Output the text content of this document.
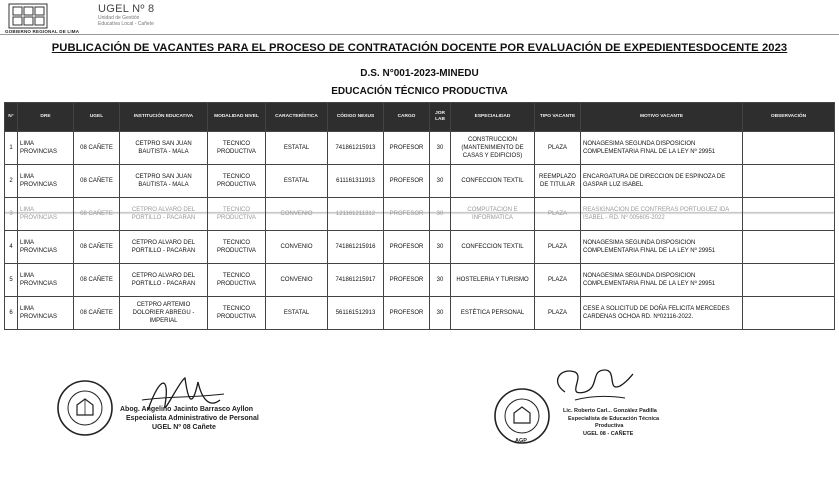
GOBIERNO REGIONAL DE LIMA
UGEL Nº 8
Unidad de Gestión
Educativa Local - Cañete
PUBLICACIÓN DE VACANTES PARA EL PROCESO DE CONTRATACIÓN DOCENTE POR EVALUACIÓN DE EXPEDIENTESDOCENTE 2023
D.S. N°001-2023-MINEDU
EDUCACIÓN TÉCNICO PRODUCTIVA
N°	DRE	UGEL	INSTITUCIÓN EDUCATIVA	MODALIDAD NIVEL	CARACTERÍSTICA	CÓDIGO NEXUS	CARGO	JOR LAB	ESPECIALIDAD	TIPO VACANTE	MOTIVO VACANTE	OBSERVACIÓN
1	LIMA PROVINCIAS	08 CAÑETE	CETPRO SAN JUAN BAUTISTA - MALA	TECNICO PRODUCTIVA	ESTATAL	741861215913	PROFESOR	30	CONSTRUCCION (MANTENIMIENTO DE CASAS Y EDIFICIOS)	PLAZA	NONAGESIMA SEGUNDA DISPOSICION COMPLEMENTARIA FINAL DE LA LEY Nº 29951	
2	LIMA PROVINCIAS	08 CAÑETE	CETPRO SAN JUAN BAUTISTA - MALA	TECNICO PRODUCTIVA	ESTATAL	611161311913	PROFESOR	30	CONFECCION TEXTIL	REEMPLAZO DE TITULAR	ENCARGATURA DE DIRECCION DE ESPINOZA DE GASPAR LUZ ISABEL	
3	LIMA PROVINCIAS	08 CAÑETE	CETPRO ALVARO DEL PORTILLO - PACARAN	TECNICO PRODUCTIVA	CONVENIO	121161211312	PROFESOR	30	COMPUTACION E INFORMATICA	PLAZA	REASIGNACION DE CONTRERAS PORTUGUEZ IDA ISABEL - RD. Nº 005605-2022	
4	LIMA PROVINCIAS	08 CAÑETE	CETPRO ALVARO DEL PORTILLO - PACARAN	TECNICO PRODUCTIVA	CONVENIO	741861215916	PROFESOR	30	CONFECCION TEXTIL	PLAZA	NONAGESIMA SEGUNDA DISPOSICION COMPLEMENTARIA FINAL DE LA LEY Nº 29951	
5	LIMA PROVINCIAS	08 CAÑETE	CETPRO ALVARO DEL PORTILLO - PACARAN	TECNICO PRODUCTIVA	CONVENIO	741861215917	PROFESOR	30	HOSTELERIA Y TURISMO	PLAZA	NONAGESIMA SEGUNDA DISPOSICION COMPLEMENTARIA FINAL DE LA LEY Nº 29951	
6	LIMA PROVINCIAS	08 CAÑETE	CETPRO ARTEMIO DOLORIER ABREGU - IMPERIAL	TECNICO PRODUCTIVA	ESTATAL	561161512913	PROFESOR	30	ESTÉTICA PERSONAL	PLAZA	CESE A SOLICITUD DE DOÑA FELICITA MERCEDES CARDENAS OCHOA RD. Nº02116-2022.	
Abog. Angelino Jacinto Barrasco Ayllon
Especialista Administrativo de Personal
UGEL Nº 08 Cañete
AGP
Lic. Roberto Carl... González Padilla
Especialista de Educación Técnica
Productiva
UGEL 08 - CAÑETE
